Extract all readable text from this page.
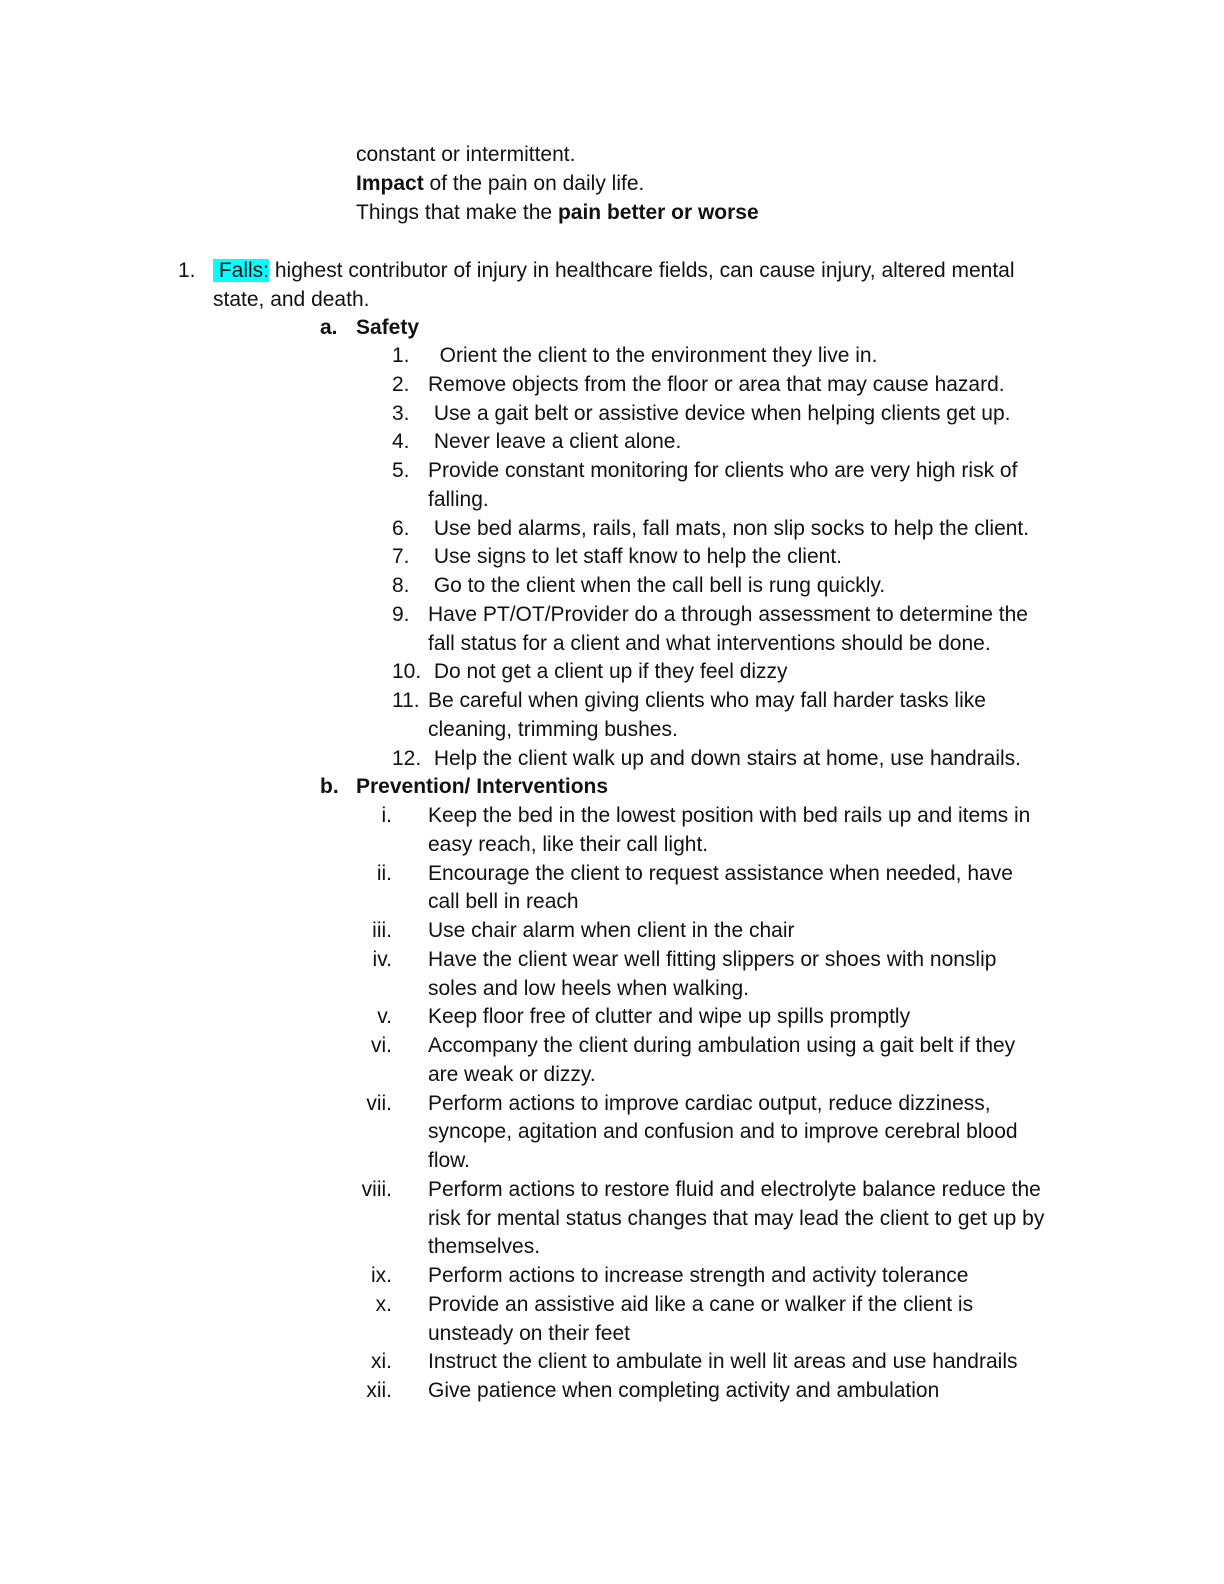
constant or intermittent.
Impact of the pain on daily life.
Things that make the pain better or worse
1. Falls: highest contributor of injury in healthcare fields, can cause injury, altered mental
state, and death.
a. Safety
1. Orient the client to the environment they live in.
2. Remove objects from the floor or area that may cause hazard.
3. Use a gait belt or assistive device when helping clients get up.
4. Never leave a client alone.
5. Provide constant monitoring for clients who are very high risk of
falling.
6. Use bed alarms, rails, fall mats, non slip socks to help the client.
7. Use signs to let staff know to help the client.
8. Go to the client when the call bell is rung quickly.
9. Have PT/OT/Provider do a through assessment to determine the
fall status for a client and what interventions should be done.
10. Do not get a client up if they feel dizzy
11. Be careful when giving clients who may fall harder tasks like
cleaning, trimming bushes.
12. Help the client walk up and down stairs at home, use handrails.
b. Prevention/ Interventions
i. Keep the bed in the lowest position with bed rails up and items in
easy reach, like their call light.
ii. Encourage the client to request assistance when needed, have
call bell in reach
iii. Use chair alarm when client in the chair
iv. Have the client wear well fitting slippers or shoes with nonslip
soles and low heels when walking.
v. Keep floor free of clutter and wipe up spills promptly
vi. Accompany the client during ambulation using a gait belt if they
are weak or dizzy.
vii. Perform actions to improve cardiac output, reduce dizziness,
syncope, agitation and confusion and to improve cerebral blood
flow.
viii. Perform actions to restore fluid and electrolyte balance reduce the
risk for mental status changes that may lead the client to get up by
themselves.
ix. Perform actions to increase strength and activity tolerance
x. Provide an assistive aid like a cane or walker if the client is
unsteady on their feet
xi. Instruct the client to ambulate in well lit areas and use handrails
xii. Give patience when completing activity and ambulation
